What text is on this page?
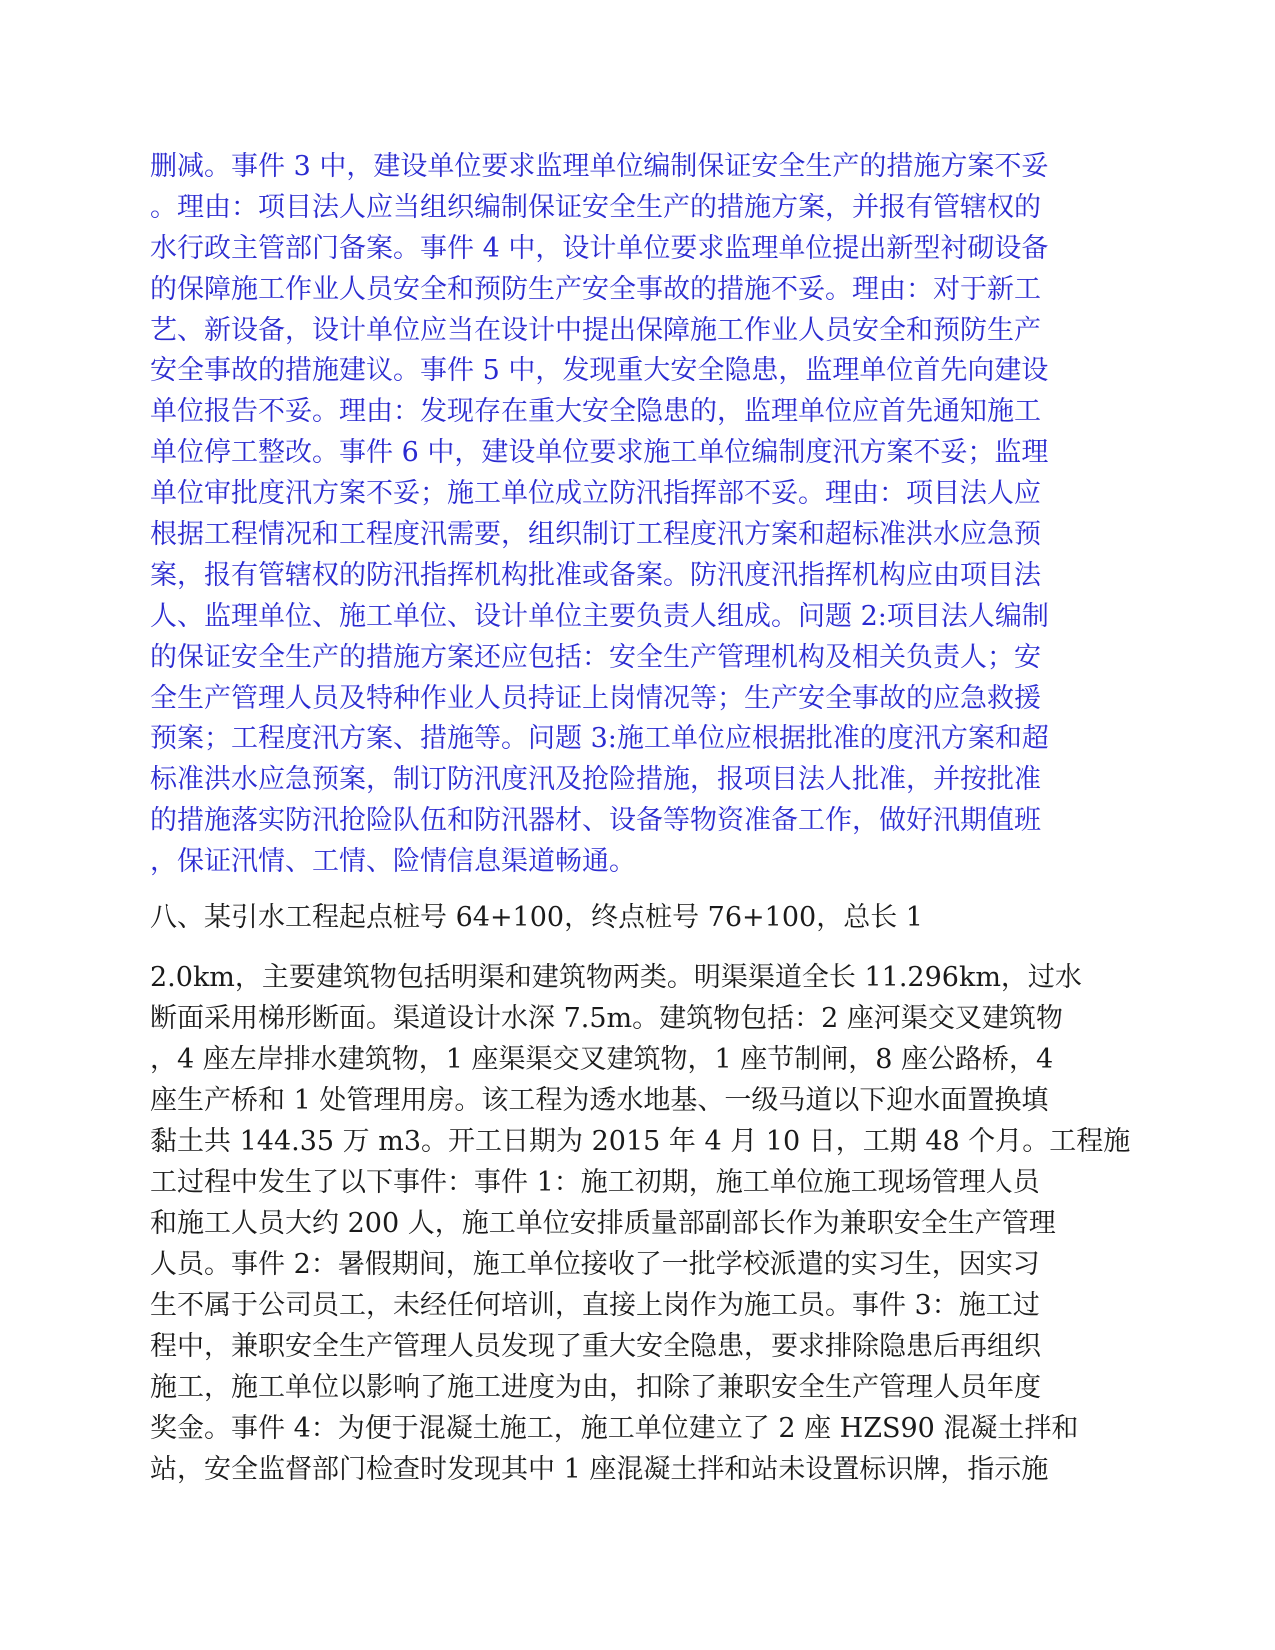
删减。事件 3 中，建设单位要求监理单位编制保证安全生产的措施方案不妥
。理由：项目法人应当组织编制保证安全生产的措施方案，并报有管辖权的
水行政主管部门备案。事件 4 中，设计单位要求监理单位提出新型衬砌设备
的保障施工作业人员安全和预防生产安全事故的措施不妥。理由：对于新工
艺、新设备，设计单位应当在设计中提出保障施工作业人员安全和预防生产
安全事故的措施建议。事件 5 中，发现重大安全隐患，监理单位首先向建设
单位报告不妥。理由：发现存在重大安全隐患的，监理单位应首先通知施工
单位停工整改。事件 6 中，建设单位要求施工单位编制度汛方案不妥；监理
单位审批度汛方案不妥；施工单位成立防汛指挥部不妥。理由：项目法人应
根据工程情况和工程度汛需要，组织制订工程度汛方案和超标准洪水应急预
案，报有管辖权的防汛指挥机构批准或备案。防汛度汛指挥机构应由项目法
人、监理单位、施工单位、设计单位主要负责人组成。问题 2:项目法人编制
的保证安全生产的措施方案还应包括：安全生产管理机构及相关负责人；安
全生产管理人员及特种作业人员持证上岗情况等；生产安全事故的应急救援
预案；工程度汛方案、措施等。问题 3:施工单位应根据批准的度汛方案和超
标准洪水应急预案，制订防汛度汛及抢险措施，报项目法人批准，并按批准
的措施落实防汛抢险队伍和防汛器材、设备等物资准备工作，做好汛期值班
，保证汛情、工情、险情信息渠道畅通。
八、某引水工程起点桩号 64+100，终点桩号 76+100，总长 1
2.0km，主要建筑物包括明渠和建筑物两类。明渠渠道全长 11.296km，过水
断面采用梯形断面。渠道设计水深 7.5m。建筑物包括：2 座河渠交叉建筑物
，4 座左岸排水建筑物，1 座渠渠交叉建筑物，1 座节制闸，8 座公路桥，4
座生产桥和 1 处管理用房。该工程为透水地基、一级马道以下迎水面置换填
黏土共 144.35 万 m3。开工日期为 2015 年 4 月 10 日，工期 48 个月。工程施
工过程中发生了以下事件：事件 1：施工初期，施工单位施工现场管理人员
和施工人员大约 200 人，施工单位安排质量部副部长作为兼职安全生产管理
人员。事件 2：暑假期间，施工单位接收了一批学校派遣的实习生，因实习
生不属于公司员工，未经任何培训，直接上岗作为施工员。事件 3：施工过
程中，兼职安全生产管理人员发现了重大安全隐患，要求排除隐患后再组织
施工，施工单位以影响了施工进度为由，扣除了兼职安全生产管理人员年度
奖金。事件 4：为便于混凝土施工，施工单位建立了 2 座 HZS90 混凝土拌和
站，安全监督部门检查时发现其中 1 座混凝土拌和站未设置标识牌，指示施
